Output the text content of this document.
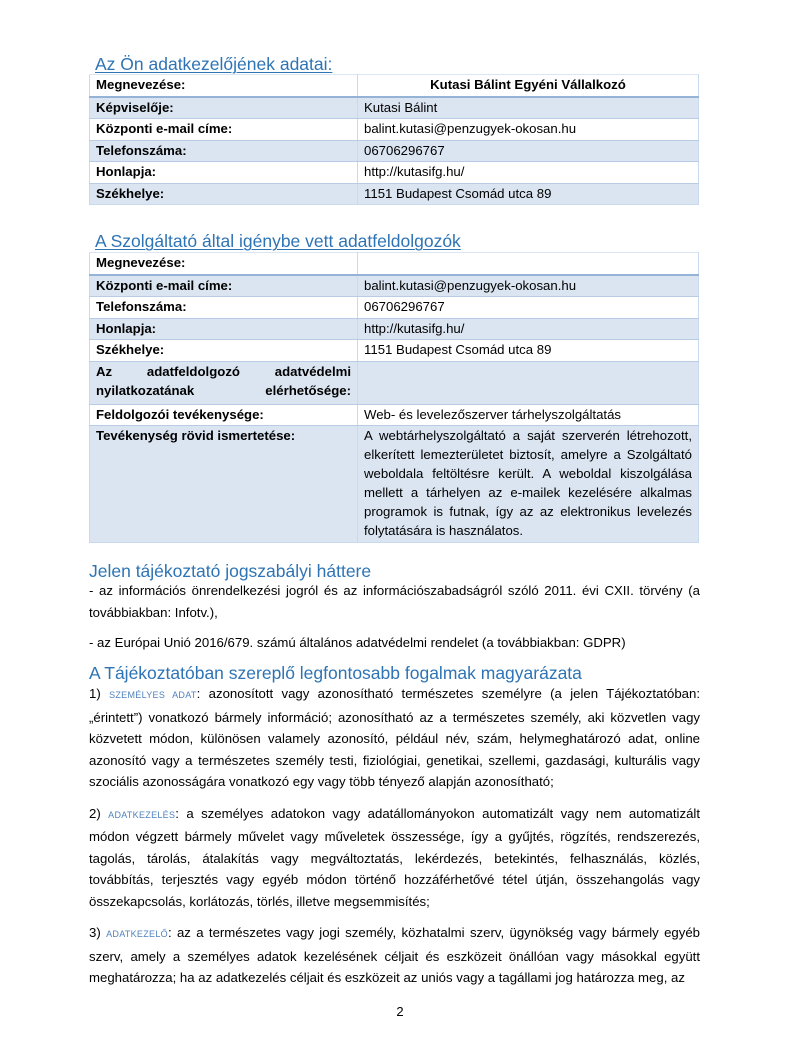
Az Ön adatkezelőjének adatai:
Megnevezése:	Kutasi Bálint Egyéni Vállalkozó
Képviselője:	Kutasi Bálint
Központi e-mail címe:	balint.kutasi@penzugyek-okosan.hu
Telefonszáma:	06706296767
Honlapja:	http://kutasifg.hu/
Székhelye:	1151 Budapest Csomád utca 89
A Szolgáltató által igénybe vett adatfeldolgozók
Megnevezése:	
Központi e-mail címe:	balint.kutasi@penzugyek-okosan.hu
Telefonszáma:	06706296767
Honlapja:	http://kutasifg.hu/
Székhelye:	1151 Budapest Csomád utca 89
Az adatfeldolgozó adatvédelmi nyilatkozatának elérhetősége:	
Feldolgozói tevékenysége:	Web- és levelezőszerver tárhelyszolgáltatás
Tevékenység rövid ismertetése:	A webtárhelyszolgáltató a saját szerverén létrehozott, elkerített lemezterületet biztosít, amelyre a Szolgáltató weboldala feltöltésre került. A weboldal kiszolgálása mellett a tárhelyen az e-mailek kezelésére alkalmas programok is futnak, így az az elektronikus levelezés folytatására is használatos.
Jelen tájékoztató jogszabályi háttere

- az információs önrendelkezési jogról és az információszabadságról szóló 2011. évi CXII. törvény (a továbbiakban: Infotv.),

- az Európai Unió 2016/679. számú általános adatvédelmi rendelet (a továbbiakban: GDPR)

A Tájékoztatóban szereplő legfontosabb fogalmak magyarázata

1) SZEMÉLYES ADAT: azonosított vagy azonosítható természetes személyre (a jelen Tájékoztatóban: „érintett”) vonatkozó bármely információ; azonosítható az a természetes személy, aki közvetlen vagy közvetett módon, különösen valamely azonosító, például név, szám, helymeghatározó adat, online azonosító vagy a természetes személy testi, fiziológiai, genetikai, szellemi, gazdasági, kulturális vagy szociális azonosságára vonatkozó egy vagy több tényező alapján azonosítható;

2) ADATKEZELÉS: a személyes adatokon vagy adatállományokon automatizált vagy nem automatizált módon végzett bármely művelet vagy műveletek összessége, így a gyűjtés, rögzítés, rendszerezés, tagolás, tárolás, átalakítás vagy megváltoztatás, lekérdezés, betekintés, felhasználás, közlés, továbbítás, terjesztés vagy egyéb módon történő hozzáférhetővé tétel útján, összehangolás vagy összekapcsolás, korlátozás, törlés, illetve megsemmisítés;

3) ADATKEZELŐ: az a természetes vagy jogi személy, közhatalmi szerv, ügynökség vagy bármely egyéb szerv, amely a személyes adatok kezelésének céljait és eszközeit önállóan vagy másokkal együtt meghatározza; ha az adatkezelés céljait és eszközeit az uniós vagy a tagállami jog határozza meg, az

2
